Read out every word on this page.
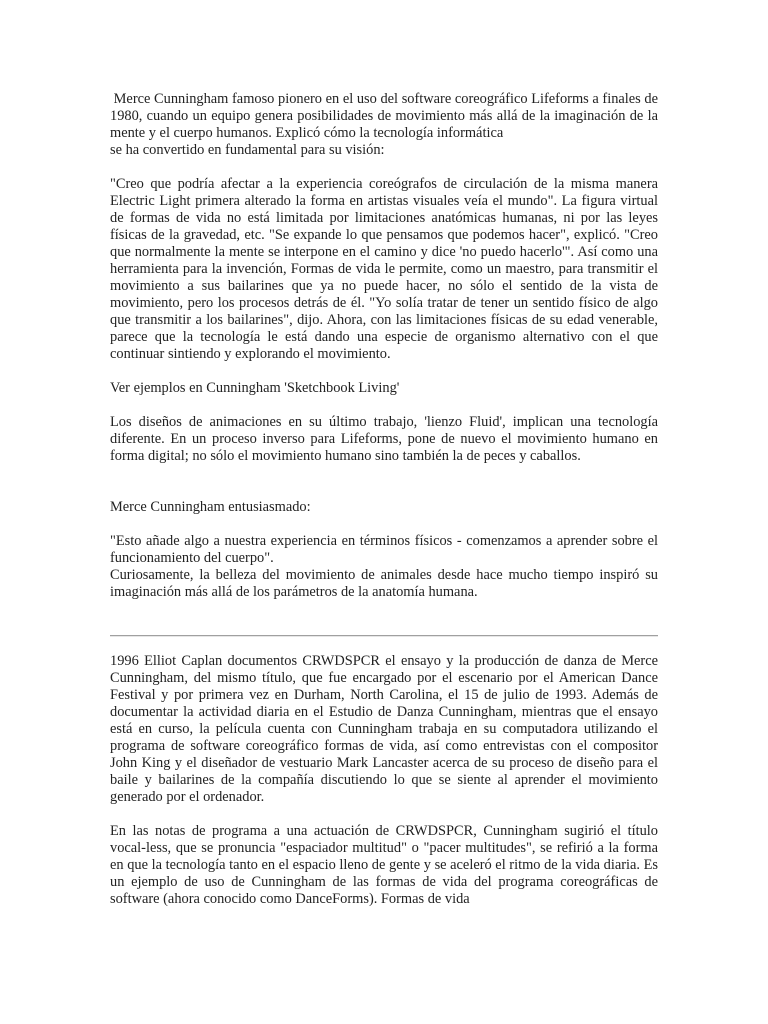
Merce Cunningham famoso pionero en el uso del software coreográfico Lifeforms a finales de 1980, cuando un equipo genera posibilidades de movimiento más allá de la imaginación de la mente y el cuerpo humanos. Explicó cómo la tecnología informática
se ha convertido en fundamental para su visión:

"Creo que podría afectar a la experiencia coreógrafos de circulación de la misma manera Electric Light primera alterado la forma en artistas visuales veía el mundo". La figura virtual de formas de vida no está limitada por limitaciones anatómicas humanas, ni por las leyes físicas de la gravedad, etc. "Se expande lo que pensamos que podemos hacer", explicó. "Creo que normalmente la mente se interpone en el camino y dice 'no puedo hacerlo'". Así como una herramienta para la invención, Formas de vida le permite, como un maestro, para transmitir el movimiento a sus bailarines que ya no puede hacer, no sólo el sentido de la vista de movimiento, pero los procesos detrás de él. "Yo solía tratar de tener un sentido físico de algo que transmitir a los bailarines", dijo. Ahora, con las limitaciones físicas de su edad venerable, parece que la tecnología le está dando una especie de organismo alternativo con el que continuar sintiendo y explorando el movimiento.

Ver ejemplos en Cunningham 'Sketchbook Living'

Los diseños de animaciones en su último trabajo, 'lienzo Fluid', implican una tecnología diferente. En un proceso inverso para Lifeforms, pone de nuevo el movimiento humano en forma digital; no sólo el movimiento humano sino también la de peces y caballos.

Merce Cunningham entusiasmado:

"Esto añade algo a nuestra experiencia en términos físicos - comenzamos a aprender sobre el funcionamiento del cuerpo".

Curiosamente, la belleza del movimiento de animales desde hace mucho tiempo inspiró su imaginación más allá de los parámetros de la anatomía humana.

1996 Elliot Caplan documentos CRWDSPCR el ensayo y la producción de danza de Merce Cunningham, del mismo título, que fue encargado por el escenario por el American Dance Festival y por primera vez en Durham, North Carolina, el 15 de julio de 1993. Además de documentar la actividad diaria en el Estudio de Danza Cunningham, mientras que el ensayo está en curso, la película cuenta con Cunningham trabaja en su computadora utilizando el programa de software coreográfico formas de vida, así como entrevistas con el compositor John King y el diseñador de vestuario Mark Lancaster acerca de su proceso de diseño para el baile y bailarines de la compañía discutiendo lo que se siente al aprender el movimiento generado por el ordenador.

En las notas de programa a una actuación de CRWDSPCR, Cunningham sugirió el título vocal-less, que se pronuncia "espaciador multitud" o "pacer multitudes", se refirió a la forma en que la tecnología tanto en el espacio lleno de gente y se aceleró el ritmo de la vida diaria. Es un ejemplo de uso de Cunningham de las formas de vida del programa coreográficas de software (ahora conocido como DanceForms). Formas de vida
